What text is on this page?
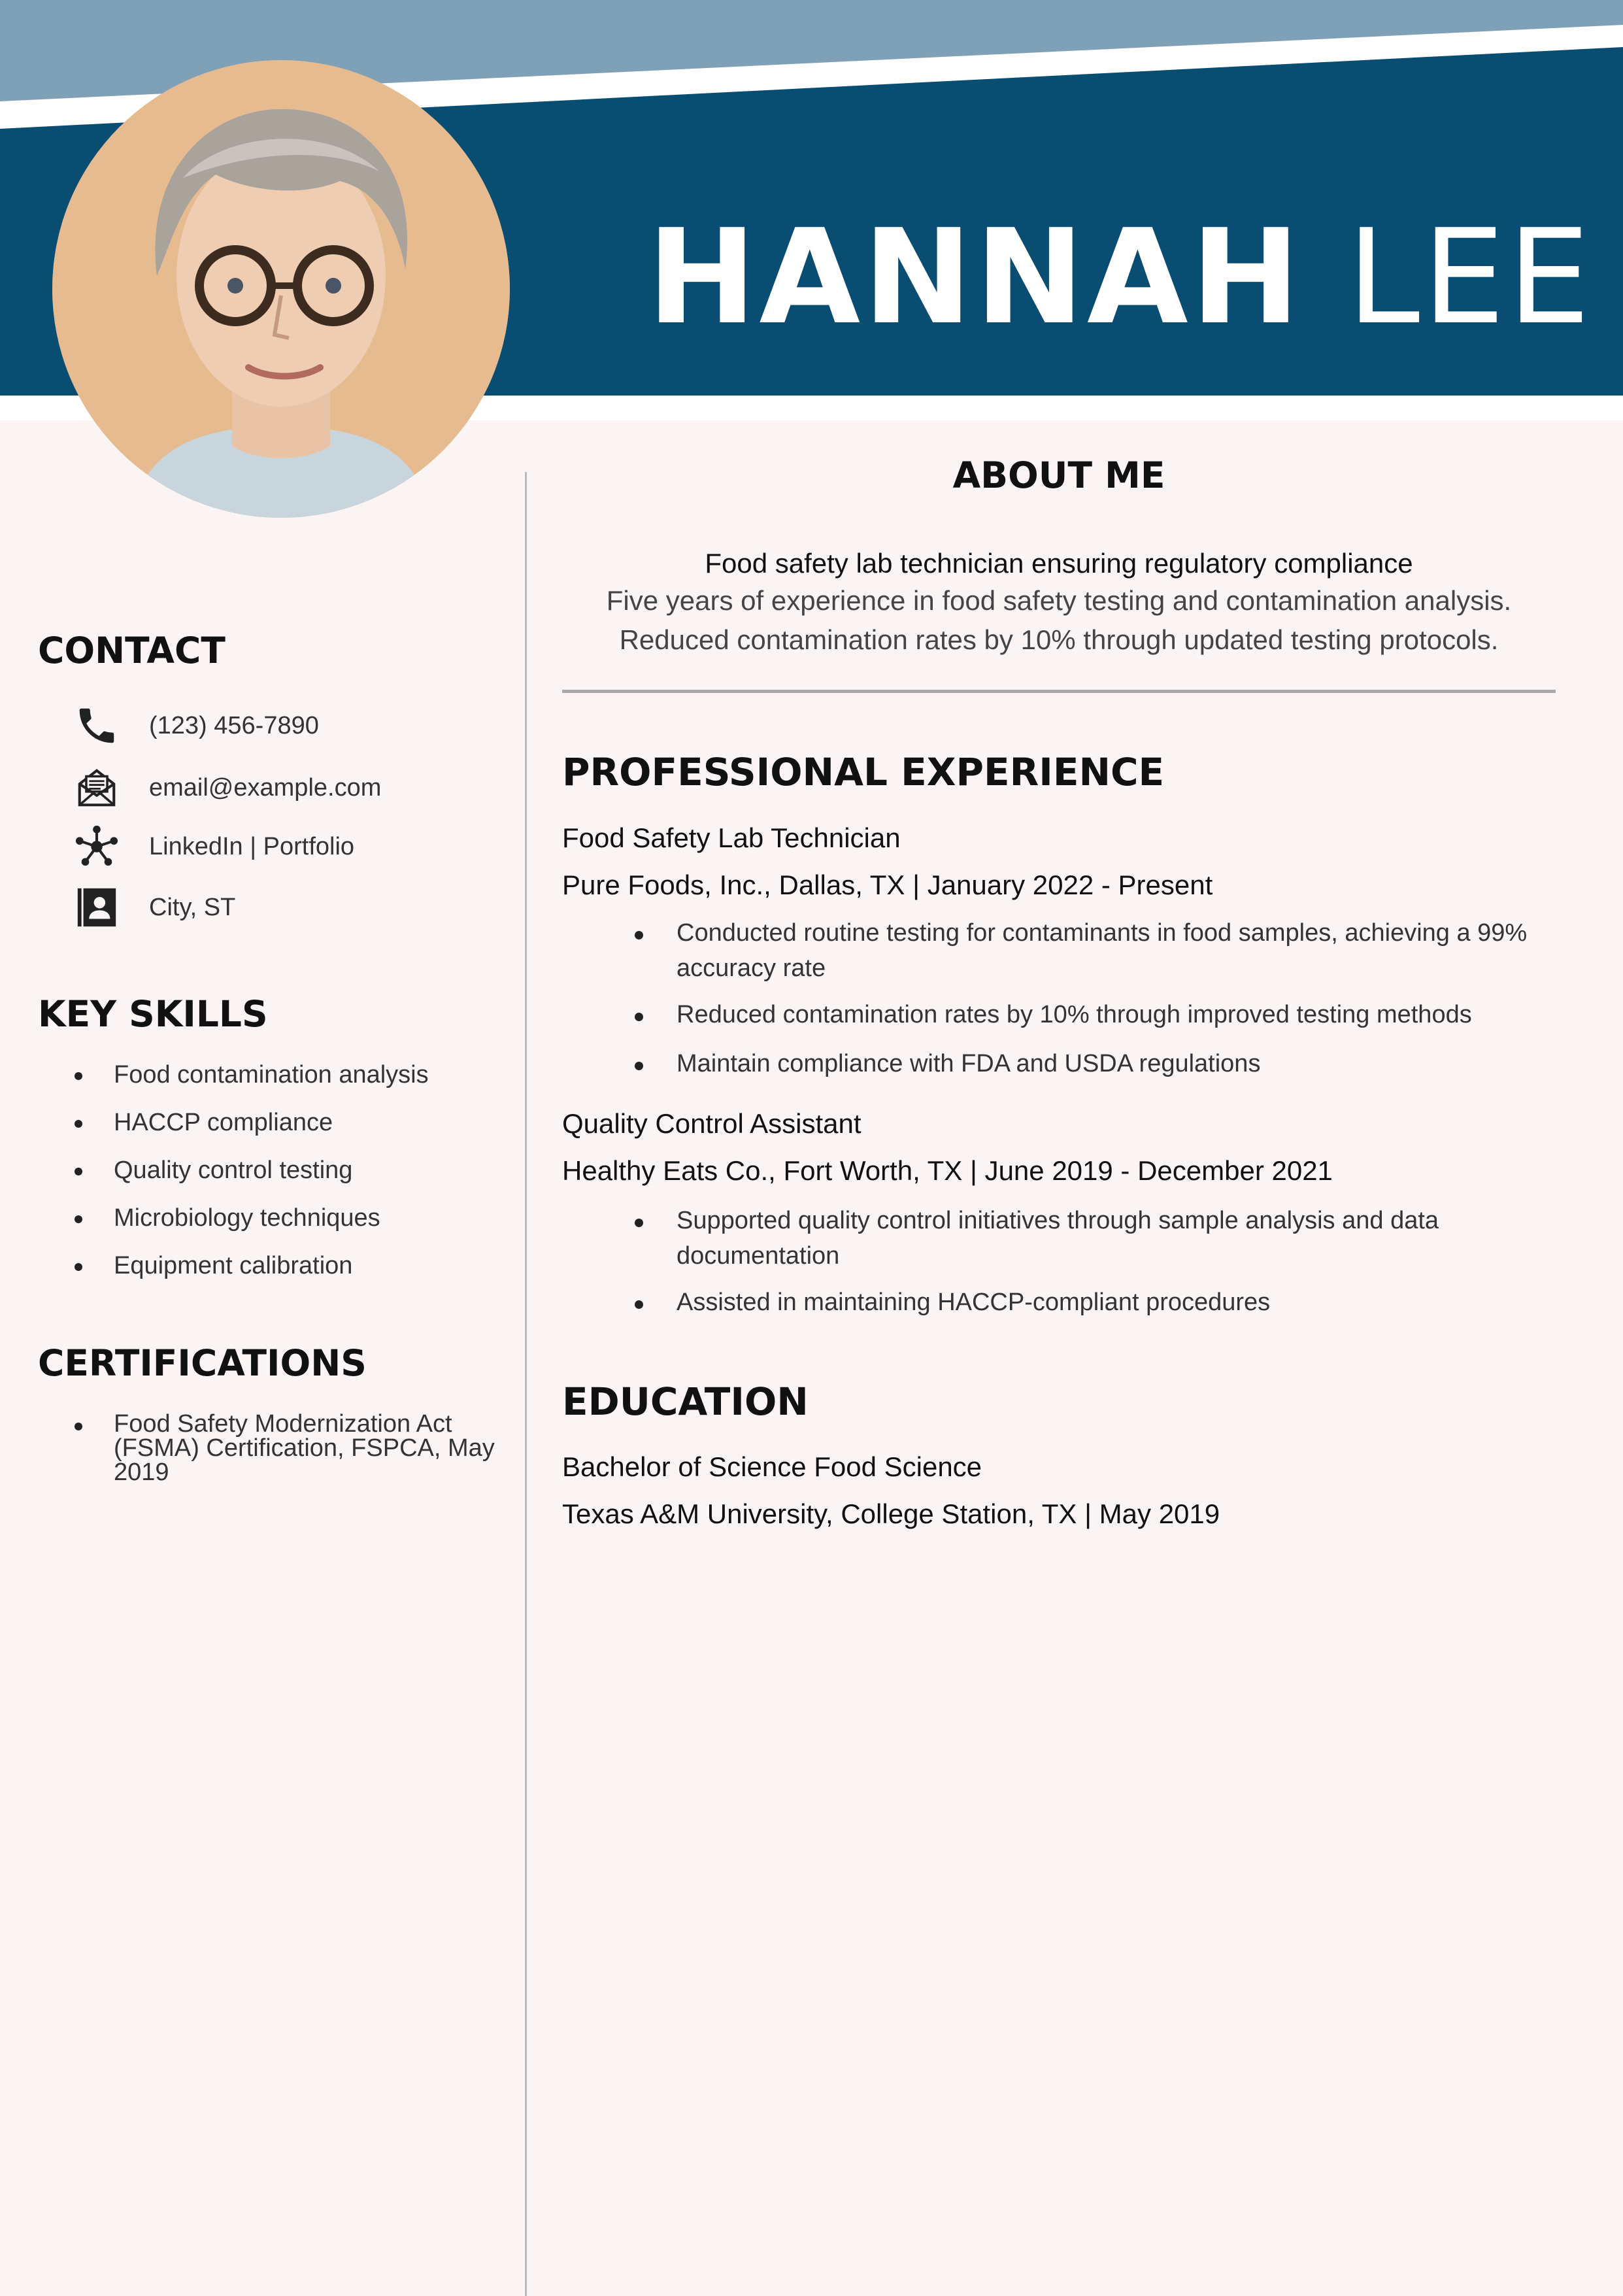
HANNAH LEE
CONTACT
(123) 456-7890
email@example.com
LinkedIn | Portfolio
City, ST
KEY SKILLS
Food contamination analysis
HACCP compliance
Quality control testing
Microbiology techniques
Equipment calibration
CERTIFICATIONS
Food Safety Modernization Act (FSMA) Certification, FSPCA, May 2019
ABOUT ME
Food safety lab technician ensuring regulatory compliance
Five years of experience in food safety testing and contamination analysis.
Reduced contamination rates by 10% through updated testing protocols.
PROFESSIONAL EXPERIENCE
Food Safety Lab Technician
Pure Foods, Inc., Dallas, TX | January 2022 - Present
Conducted routine testing for contaminants in food samples, achieving a 99% accuracy rate
Reduced contamination rates by 10% through improved testing methods
Maintain compliance with FDA and USDA regulations
Quality Control Assistant
Healthy Eats Co., Fort Worth, TX | June 2019 - December 2021
Supported quality control initiatives through sample analysis and data documentation
Assisted in maintaining HACCP-compliant procedures
EDUCATION
Bachelor of Science Food Science
Texas A&M University, College Station, TX | May 2019
